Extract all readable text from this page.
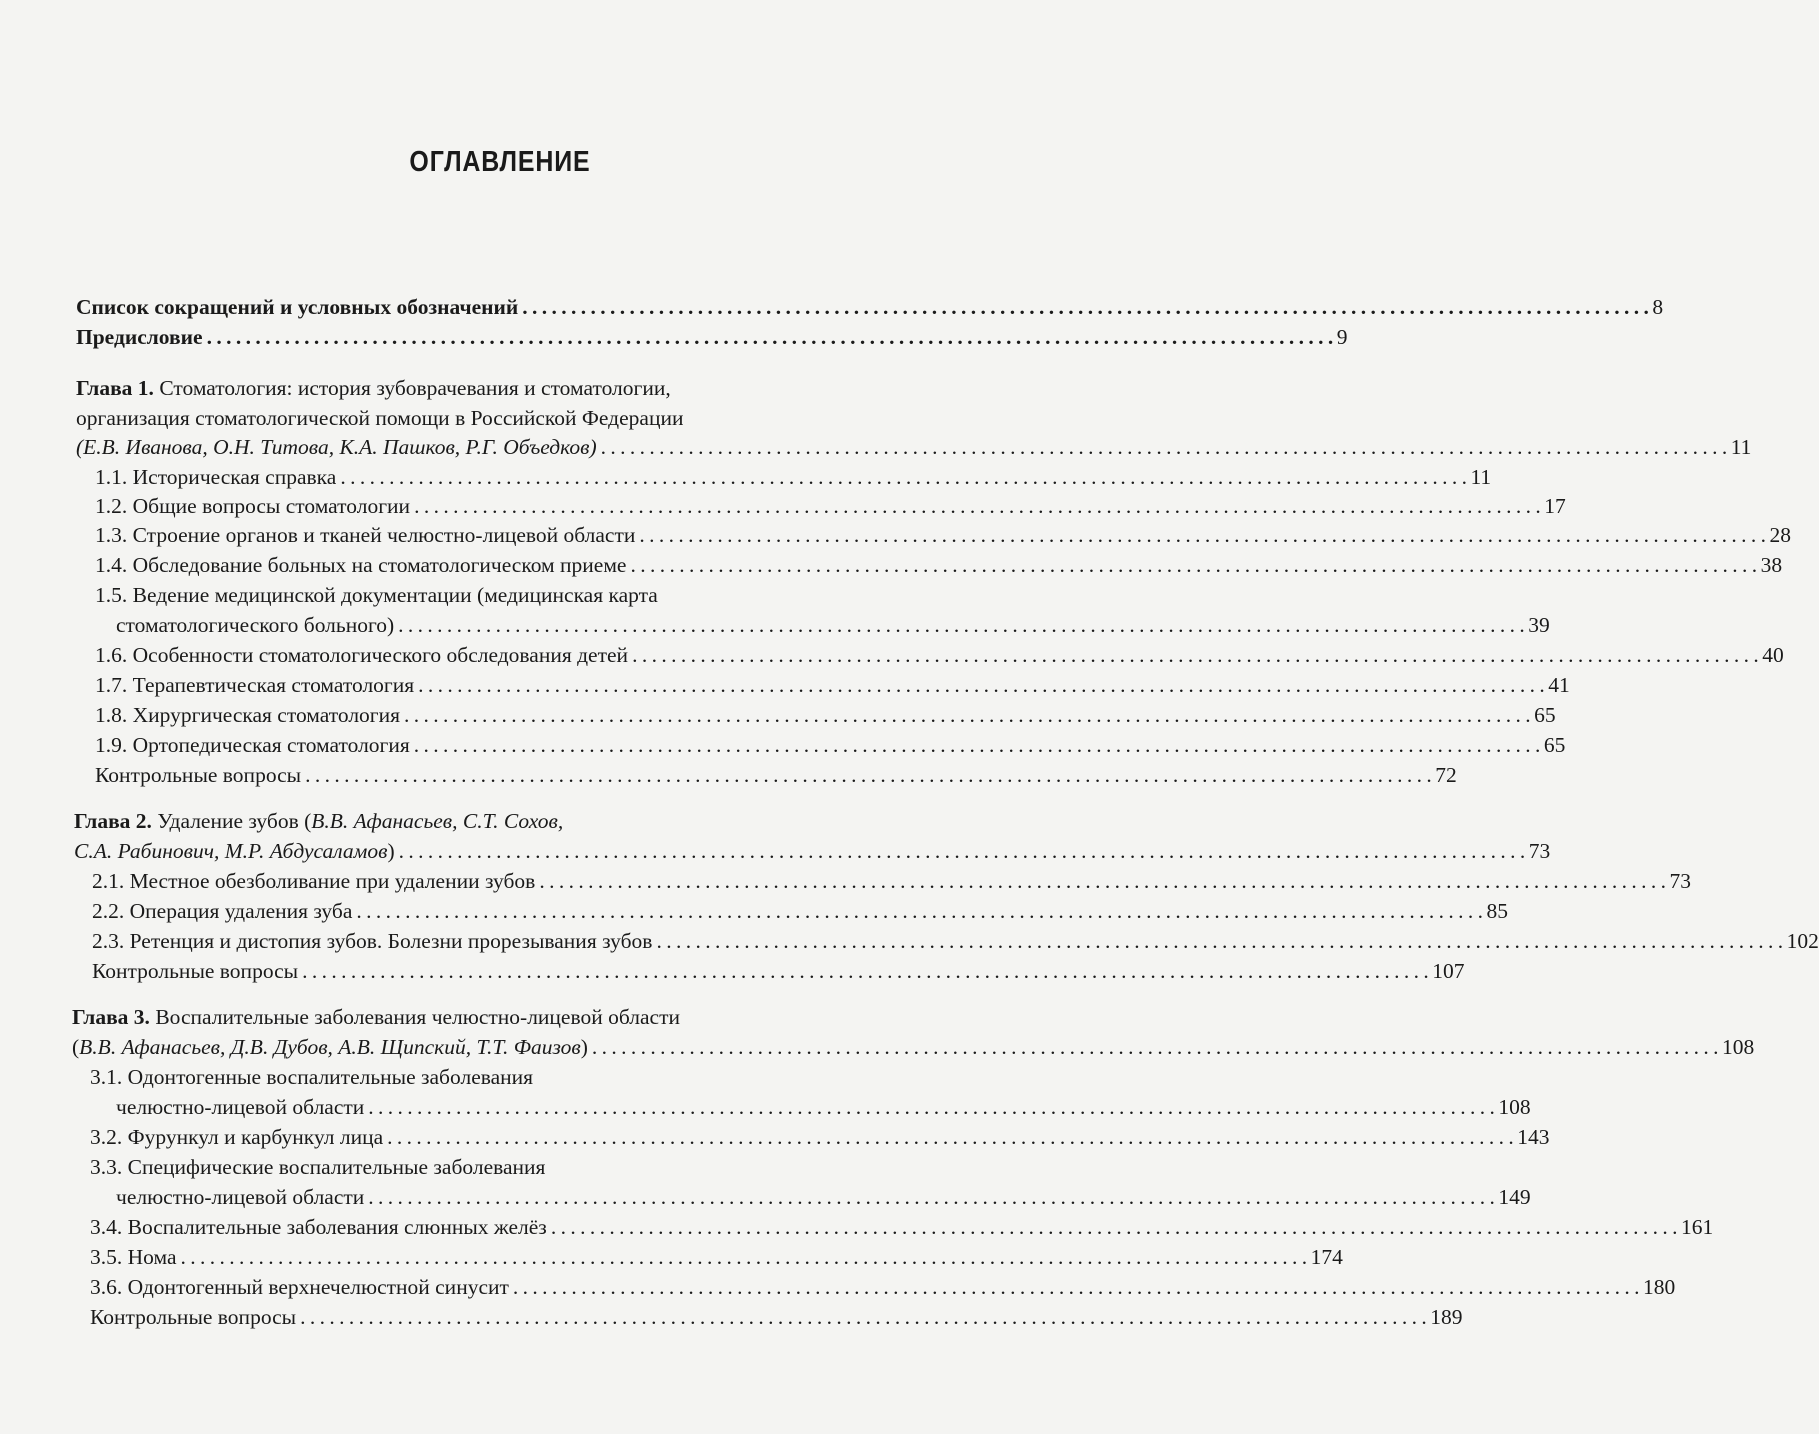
ОГЛАВЛЕНИЕ
Список сокращений и условных обозначений . . .	8
Предисловие . . .	9
Глава 1. Стоматология: история зубоврачевания и стоматологии,
организация стоматологической помощи в Российской Федерации
(Е.В. Иванова, О.Н. Титова, К.А. Пашков, Р.Г. Объедков) . . .	11
1.1. Историческая справка . . .	11
1.2. Общие вопросы стоматологии . . .	17
1.3. Строение органов и тканей челюстно-лицевой области . . .	28
1.4. Обследование больных на стоматологическом приеме . . .	38
1.5. Ведение медицинской документации (медицинская карта
стоматологического больного) . . .	39
1.6. Особенности стоматологического обследования детей . . .	40
1.7. Терапевтическая стоматология . . .	41
1.8. Хирургическая стоматология . . .	65
1.9. Ортопедическая стоматология . . .	65
Контрольные вопросы . . .	72
Глава 2. Удаление зубов (В.В. Афанасьев, С.Т. Сохов,
С.А. Рабинович, М.Р. Абдусаламов) . . .	73
2.1. Местное обезболивание при удалении зубов . . .	73
2.2. Операция удаления зуба . . .	85
2.3. Ретенция и дистопия зубов. Болезни прорезывания зубов . . .	102
Контрольные вопросы . . .	107
Глава 3. Воспалительные заболевания челюстно-лицевой области
(В.В. Афанасьев, Д.В. Дубов, А.В. Щипский, Т.Т. Фаизов) . . .	108
3.1. Одонтогенные воспалительные заболевания
челюстно-лицевой области . . .	108
3.2. Фурункул и карбункул лица . . .	143
3.3. Специфические воспалительные заболевания
челюстно-лицевой области . . .	149
3.4. Воспалительные заболевания слюнных желёз . . .	161
3.5. Нома . . .	174
3.6. Одонтогенный верхнечелюстной синусит . . .	180
Контрольные вопросы . . .	189
